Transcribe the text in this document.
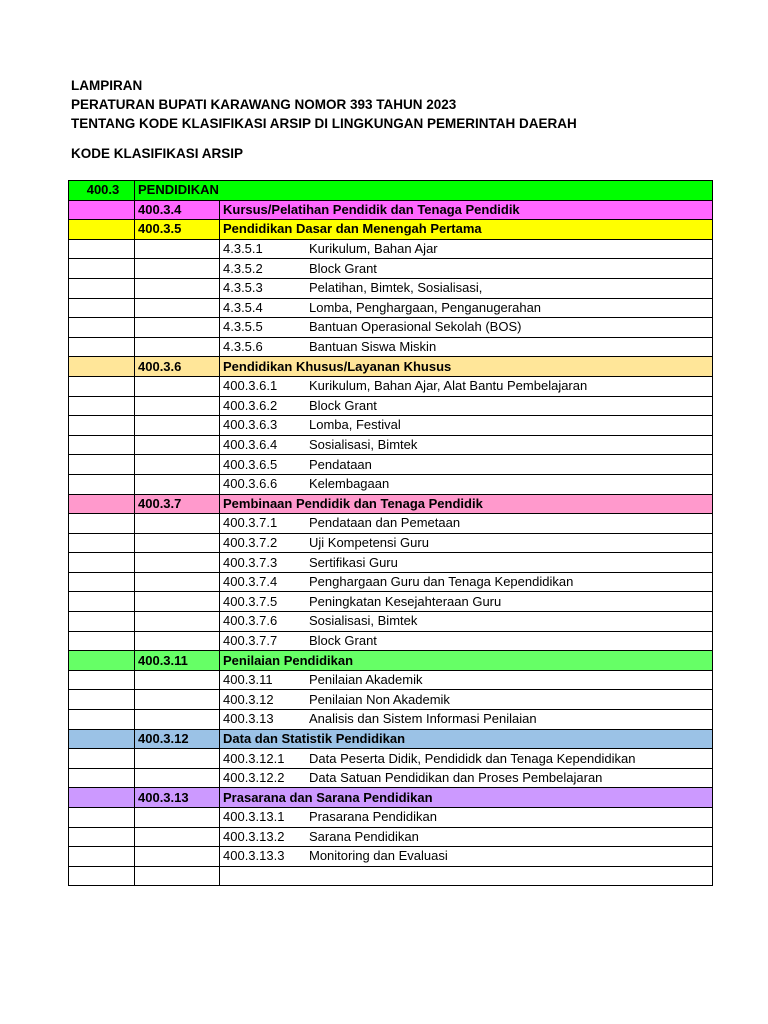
LAMPIRAN
PERATURAN BUPATI KARAWANG NOMOR 393 TAHUN 2023
TENTANG KODE KLASIFIKASI ARSIP DI LINGKUNGAN PEMERINTAH DAERAH
KODE KLASIFIKASI ARSIP
400.3	PENDIDIKAN	
	400.3.4	Kursus/Pelatihan Pendidik dan Tenaga Pendidik
	400.3.5	Pendidikan Dasar dan Menengah Pertama
		4.3.5.1 Kurikulum, Bahan Ajar
		4.3.5.2 Block Grant
		4.3.5.3 Pelatihan, Bimtek, Sosialisasi,
		4.3.5.4 Lomba, Penghargaan, Penganugerahan
		4.3.5.5 Bantuan Operasional Sekolah (BOS)
		4.3.5.6 Bantuan Siswa Miskin
	400.3.6	Pendidikan Khusus/Layanan Khusus
		400.3.6.1 Kurikulum, Bahan Ajar, Alat Bantu Pembelajaran
		400.3.6.2 Block Grant
		400.3.6.3 Lomba, Festival
		400.3.6.4 Sosialisasi, Bimtek
		400.3.6.5 Pendataan
		400.3.6.6 Kelembagaan
	400.3.7	Pembinaan Pendidik dan Tenaga Pendidik
		400.3.7.1 Pendataan dan Pemetaan
		400.3.7.2 Uji Kompetensi Guru
		400.3.7.3 Sertifikasi Guru
		400.3.7.4 Penghargaan Guru dan Tenaga Kependidikan
		400.3.7.5 Peningkatan Kesejahteraan Guru
		400.3.7.6 Sosialisasi, Bimtek
		400.3.7.7 Block Grant
	400.3.11	Penilaian Pendidikan
		400.3.11 Penilaian Akademik
		400.3.12 Penilaian Non Akademik
		400.3.13 Analisis dan Sistem Informasi Penilaian
	400.3.12	Data dan Statistik Pendidikan
		400.3.12.1 Data Peserta Didik, Pendididk dan Tenaga Kependidikan
		400.3.12.2 Data Satuan Pendidikan dan Proses Pembelajaran
	400.3.13	Prasarana dan Sarana Pendidikan
		400.3.13.1 Prasarana Pendidikan
		400.3.13.2 Sarana Pendidikan
		400.3.13.3 Monitoring dan Evaluasi
